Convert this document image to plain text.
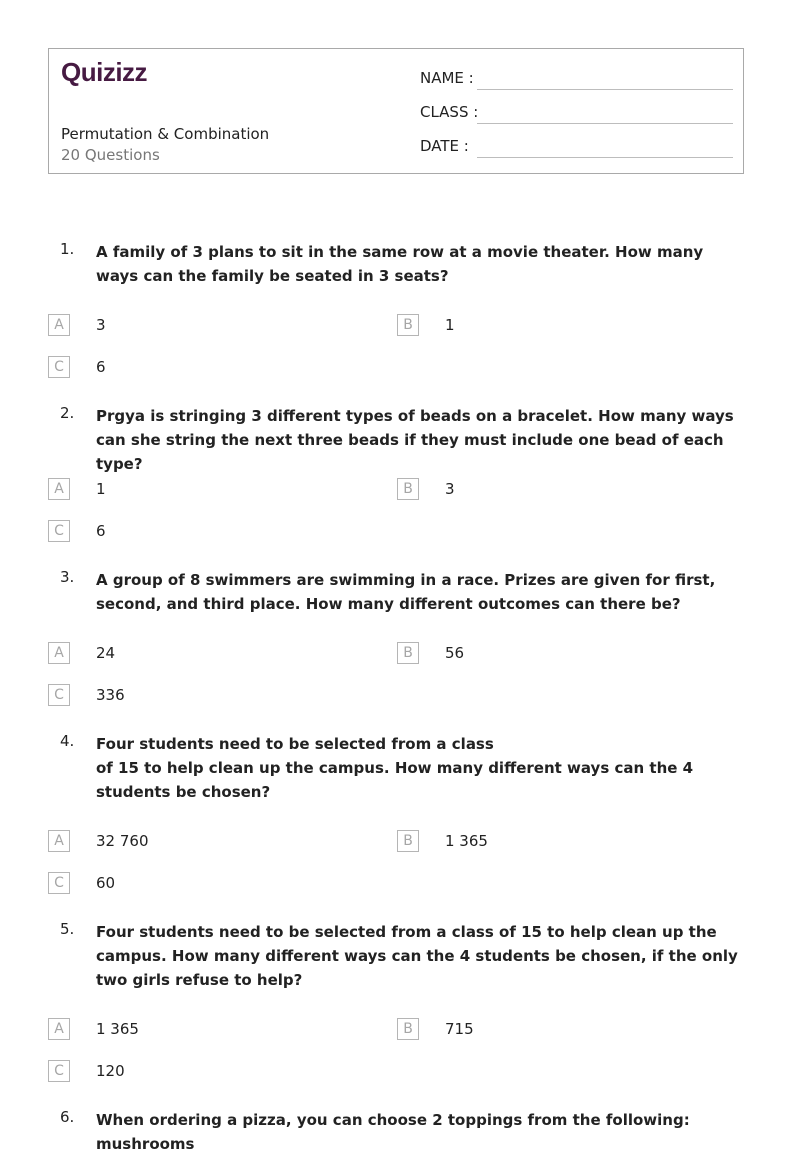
Quizizz
Permutation & Combination
20 Questions
NAME :
CLASS :
DATE :
1. A family of 3 plans to sit in the same row at a movie theater. How many ways can the family be seated in 3 seats?
A	3	B	1
C	6
2. Prgya is stringing 3 different types of beads on a bracelet. How many ways can she string the next three beads if they must include one bead of each type?
A	1	B	3
C	6
3. A group of 8 swimmers are swimming in a race. Prizes are given for first, second, and third place. How many different outcomes can there be?
A	24	B	56
C	336
4. Four students need to be selected from a class
of 15 to help clean up the campus. How many different ways can the 4 students be chosen?
A	32 760	B	1 365
C	60
5. Four students need to be selected from a class of 15 to help clean up the campus. How many different ways can the 4 students be chosen, if the only two girls refuse to help?
A	1 365	B	715
C	120
6. When ordering a pizza, you can choose 2 toppings from the following: mushrooms
